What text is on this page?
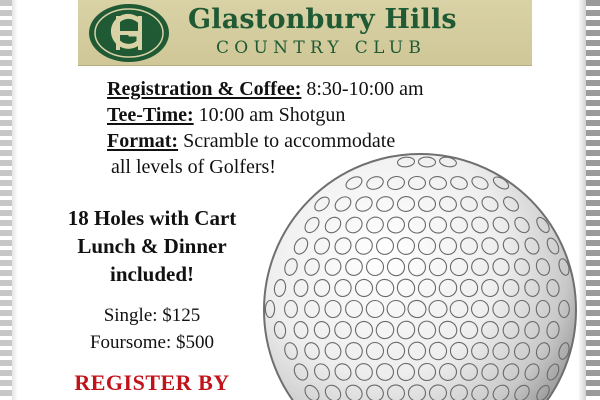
Glastonbury Hills
COUNTRY CLUB
Registration & Coffee: 8:30-10:00 am
Tee-Time: 10:00 am Shotgun
Format: Scramble to accommodate
all levels of Golfers!
18 Holes with Cart
Lunch & Dinner
included!
Single: $125
Foursome: $500
REGISTER BY
